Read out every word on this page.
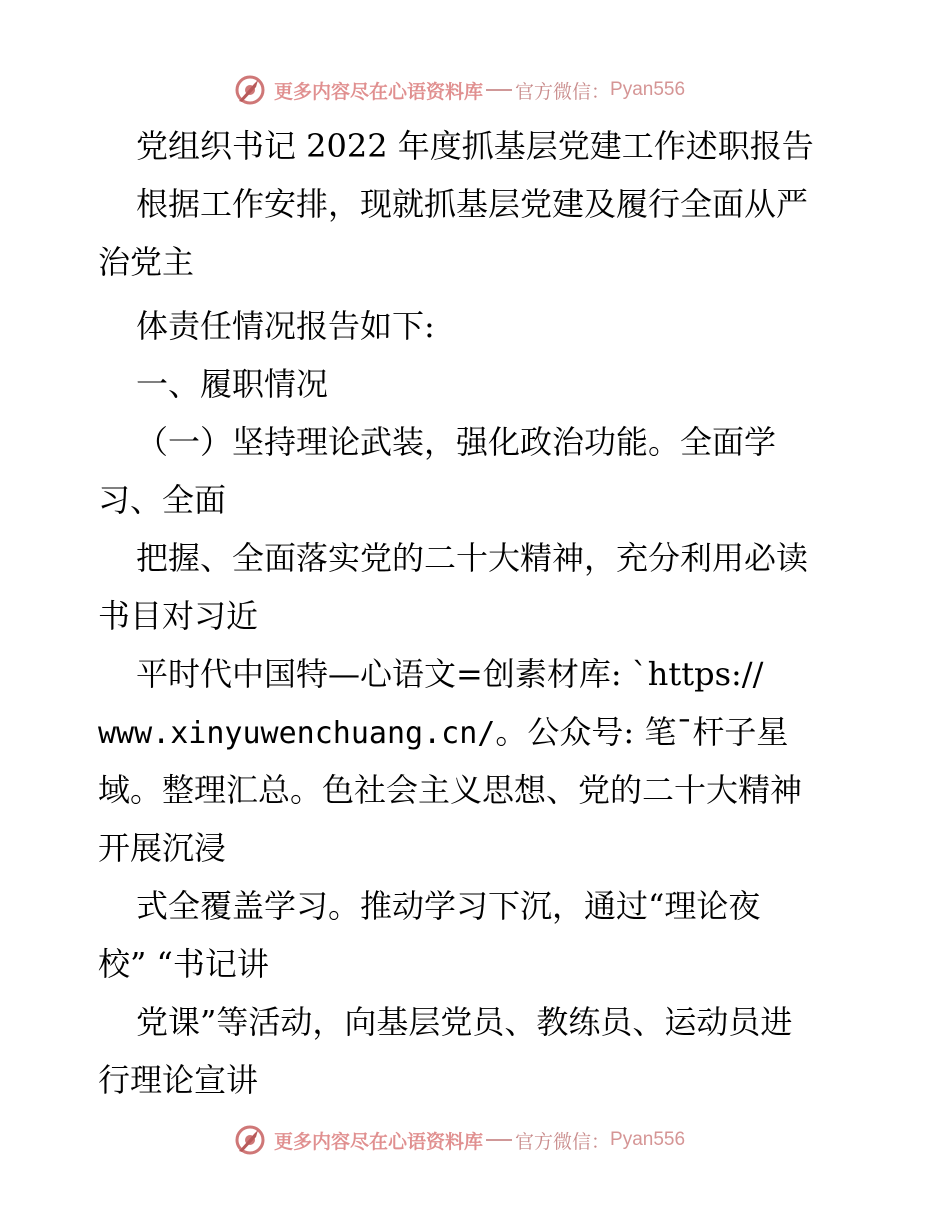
更多内容尽在心语资料库 官方微信： Pyan556
党组织书记 2022 年度抓基层党建工作述职报告
根据工作安排，现就抓基层党建及履行全面从严
治党主
体责任情况报告如下:
一、履职情况
（一）坚持理论武装，强化政治功能。全面学
习、全面
把握、全面落实党的二十大精神，充分利用必读
书目对习近
平时代中国特—心语文=创素材库: `https://
www.xinyuwenchuang.cn/。公众号: 笔¯杆子星
域。整理汇总。色社会主义思想、党的二十大精神
开展沉浸
式全覆盖学习。推动学习下沉，通过“理论夜
校” “书记讲
党课”等活动，向基层党员、教练员、运动员进
行理论宣讲
更多内容尽在心语资料库 官方微信： Pyan556
